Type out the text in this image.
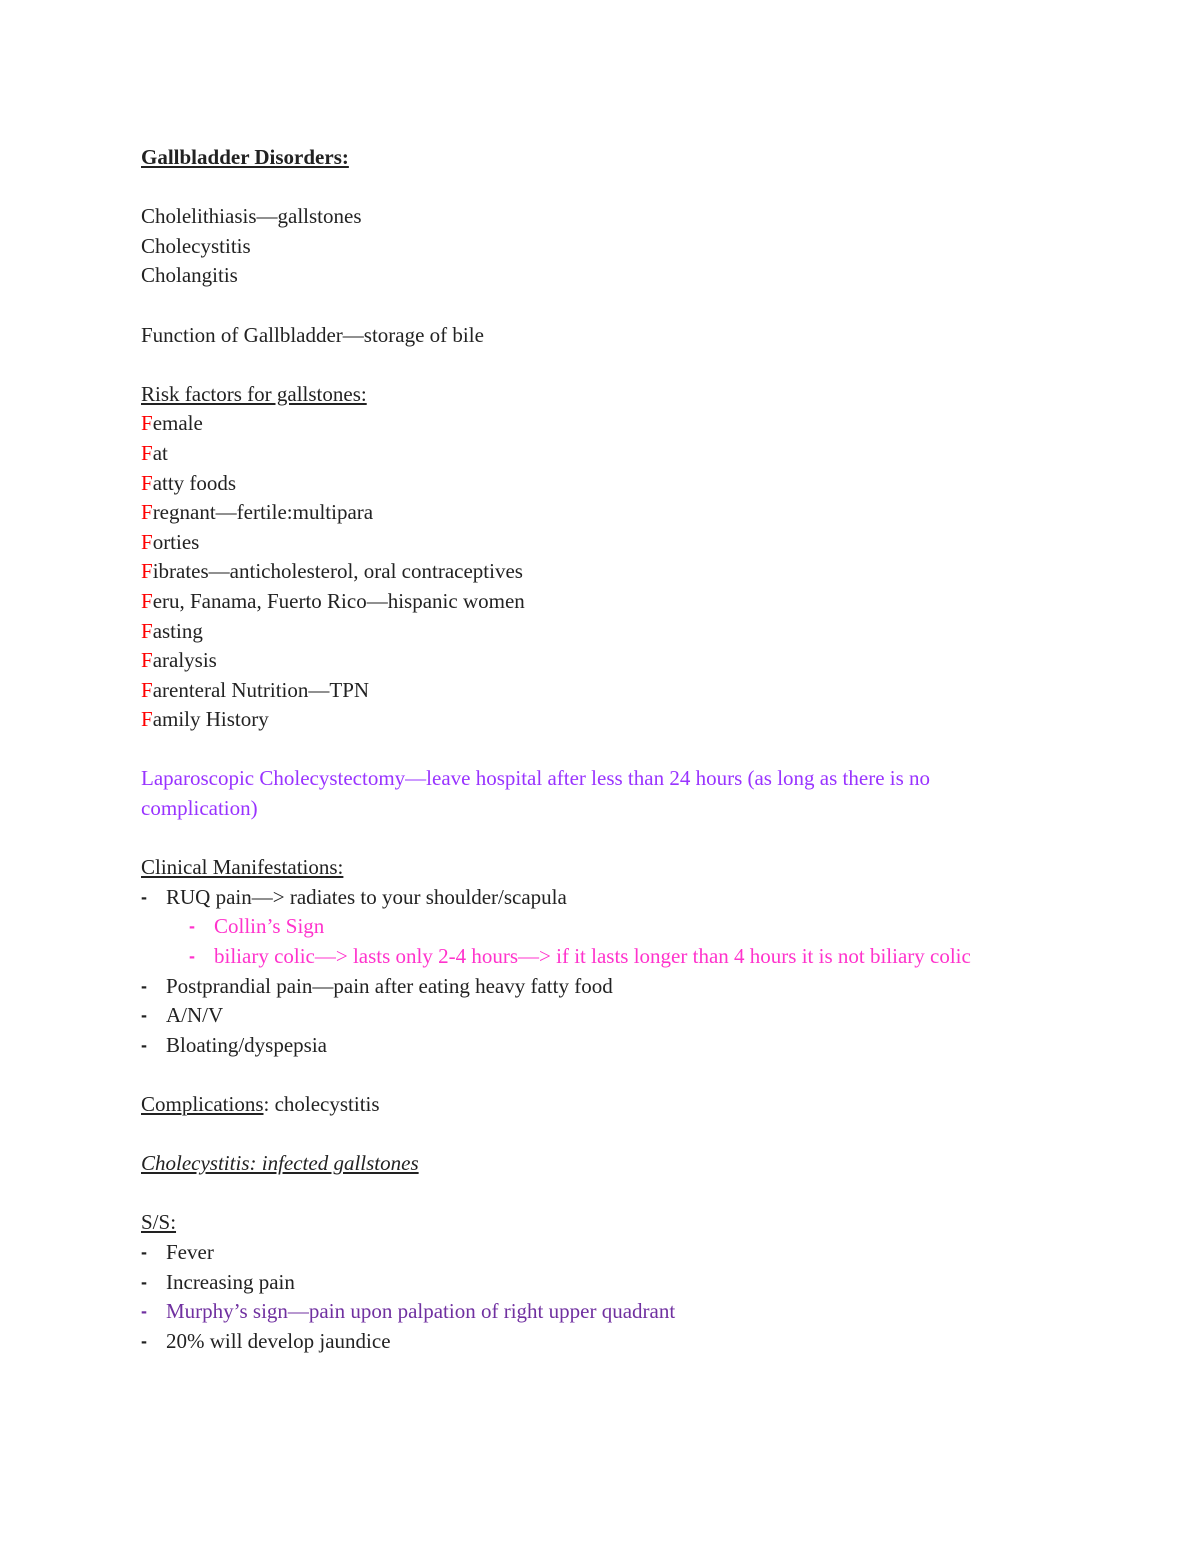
Gallbladder Disorders:
Cholelithiasis—gallstones
Cholecystitis
Cholangitis
Function of Gallbladder—storage of bile
Risk factors for gallstones:
Female
Fat
Fatty foods
Fregnant—fertile:multipara
Forties
Fibrates—anticholesterol, oral contraceptives
Feru, Fanama, Fuerto Rico—hispanic women
Fasting
Faralysis
Farenteral Nutrition—TPN
Family History
Laparoscopic Cholecystectomy—leave hospital after less than 24 hours (as long as there is no complication)
Clinical Manifestations:
- RUQ pain—> radiates to your shoulder/scapula
- Collin’s Sign
- biliary colic—> lasts only 2-4 hours—> if it lasts longer than 4 hours it is not biliary colic
- Postprandial pain—pain after eating heavy fatty food
- A/N/V
- Bloating/dyspepsia
Complications: cholecystitis
Cholecystitis: infected gallstones
S/S:
- Fever
- Increasing pain
- Murphy’s sign—pain upon palpation of right upper quadrant
- 20% will develop jaundice
